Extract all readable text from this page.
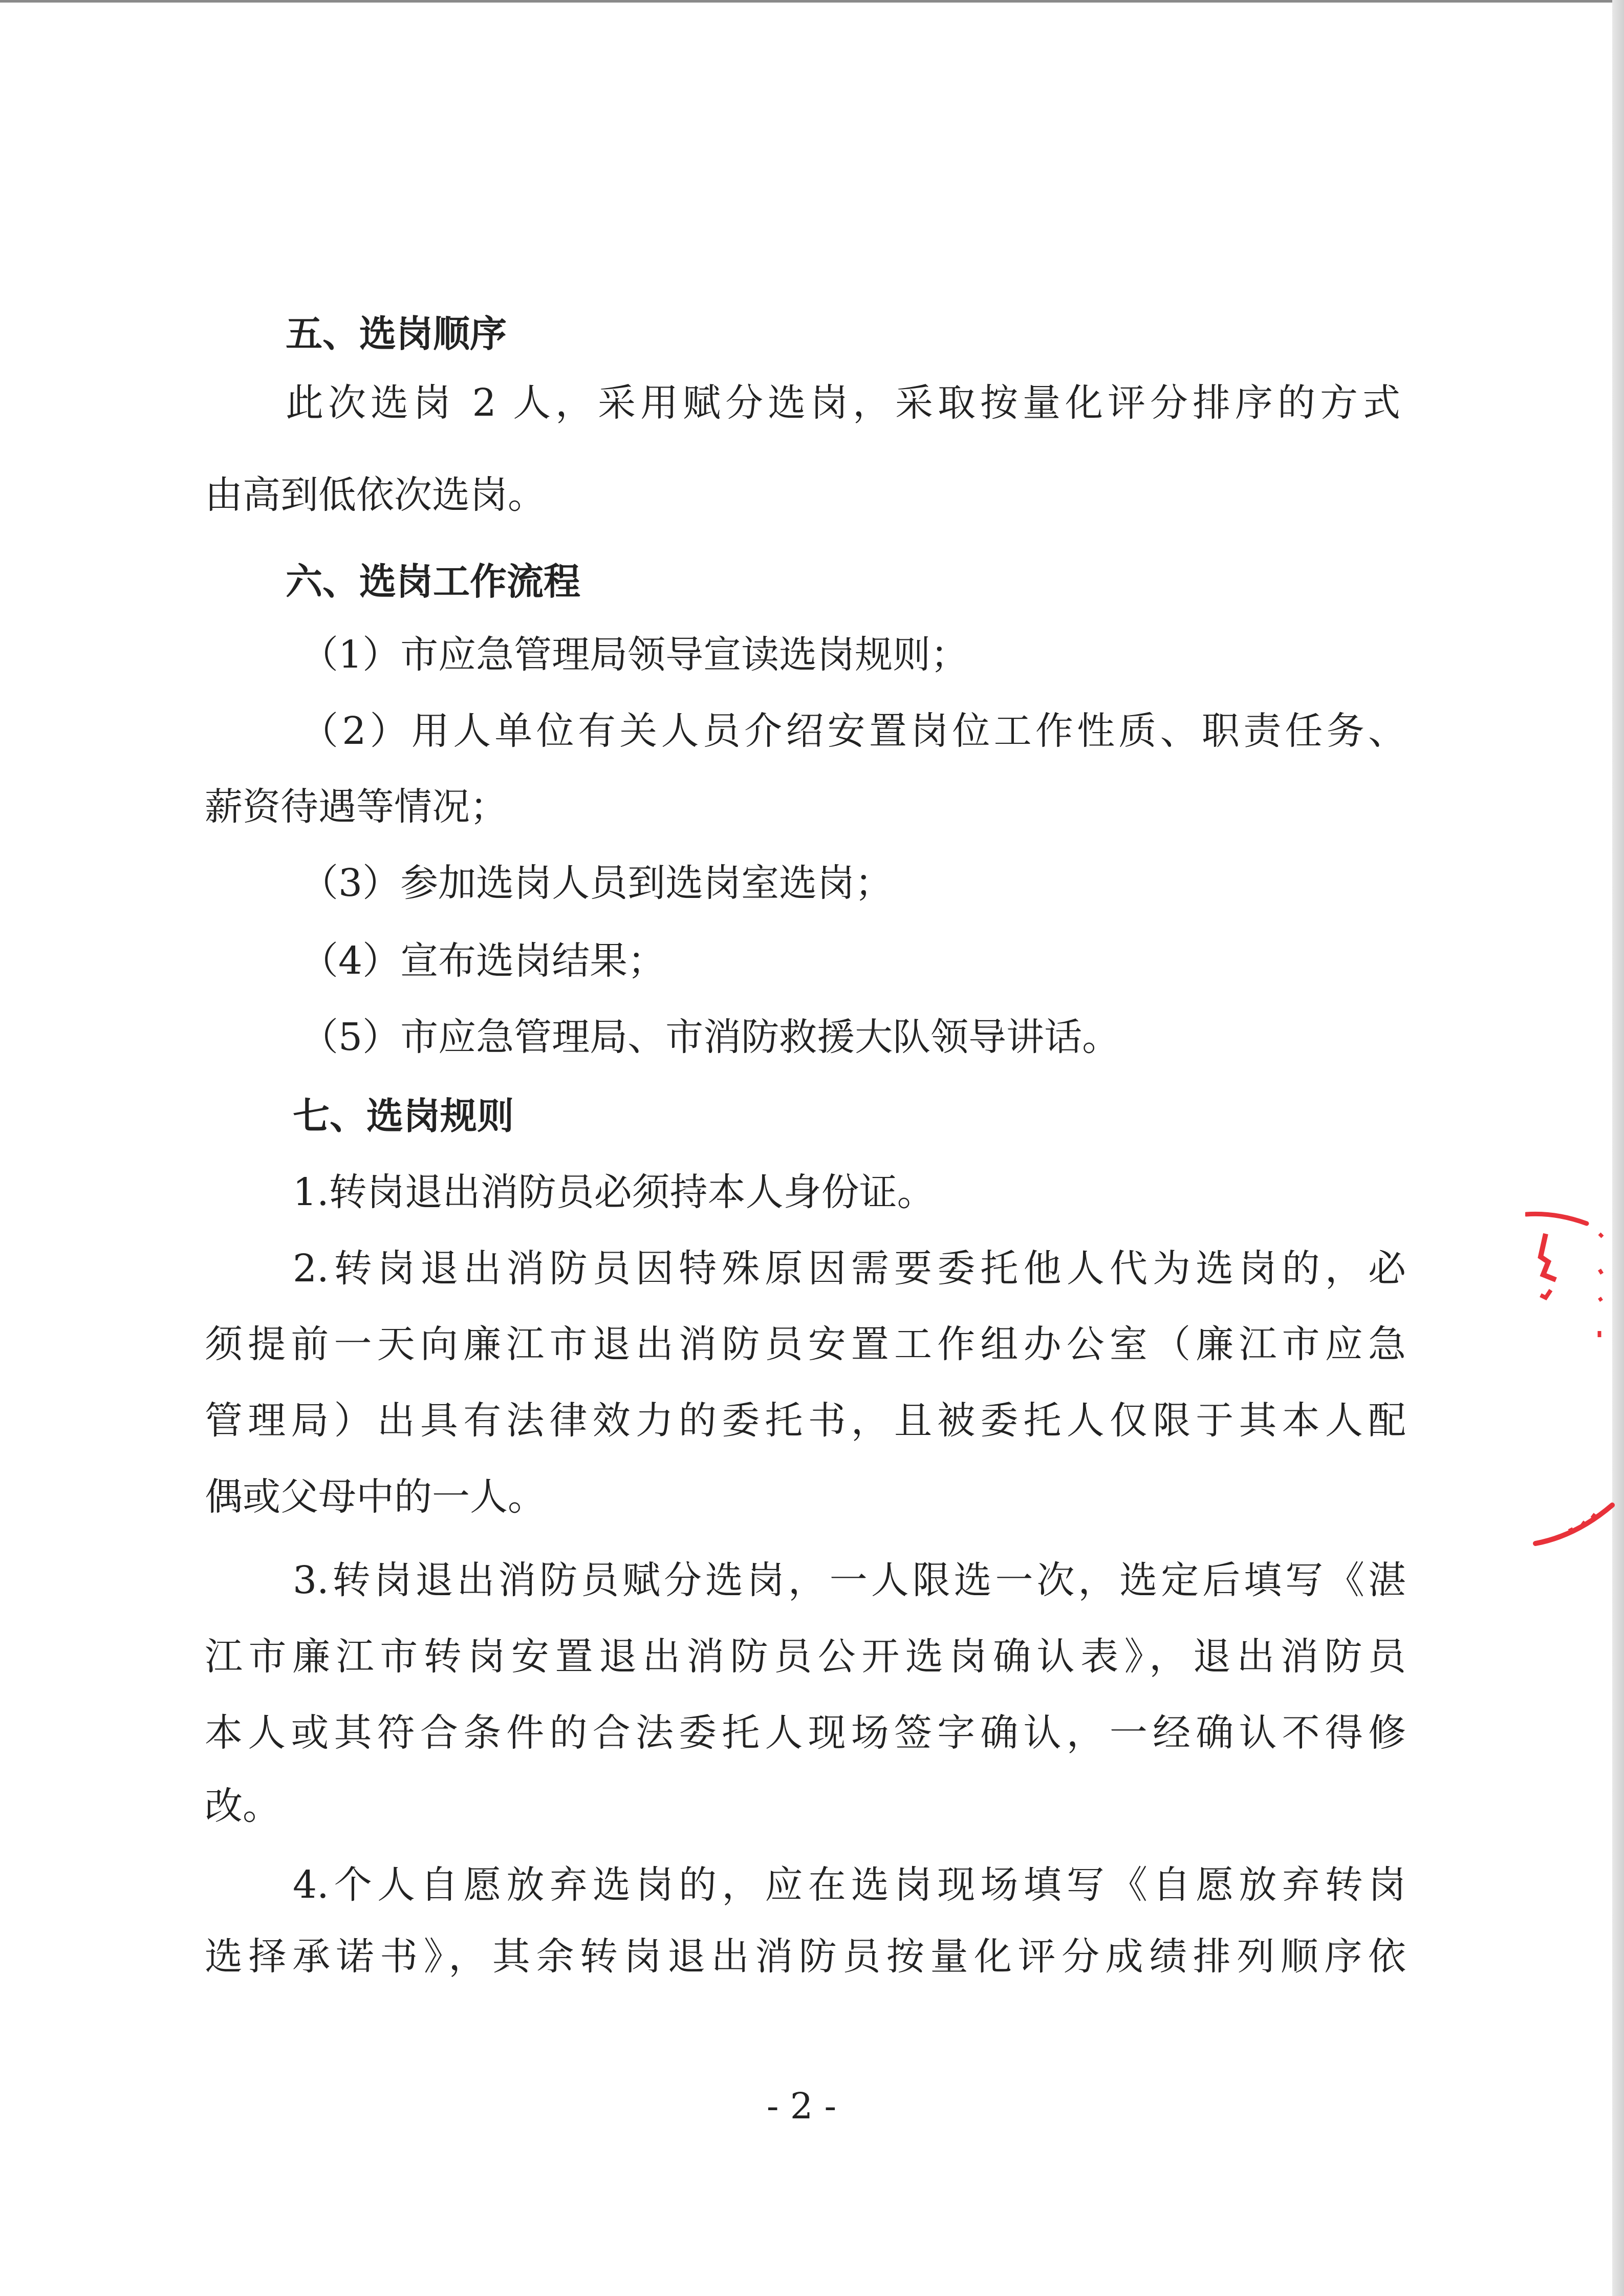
五、选岗顺序
此次选岗 2 人，采用赋分选岗，采取按量化评分排序的方式
由高到低依次选岗。
六、选岗工作流程
（1）市应急管理局领导宣读选岗规则；
（2）用人单位有关人员介绍安置岗位工作性质、职责任务、
薪资待遇等情况；
（3）参加选岗人员到选岗室选岗；
（4）宣布选岗结果；
（5）市应急管理局、市消防救援大队领导讲话。
七、选岗规则
1.转岗退出消防员必须持本人身份证。
2.转岗退出消防员因特殊原因需要委托他人代为选岗的，必
须提前一天向廉江市退出消防员安置工作组办公室（廉江市应急
管理局）出具有法律效力的委托书，且被委托人仅限于其本人配
偶或父母中的一人。
3.转岗退出消防员赋分选岗，一人限选一次，选定后填写《湛
江市廉江市转岗安置退出消防员公开选岗确认表》，退出消防员
本人或其符合条件的合法委托人现场签字确认，一经确认不得修
改。
4.个人自愿放弃选岗的，应在选岗现场填写《自愿放弃转岗
选择承诺书》，其余转岗退出消防员按量化评分成绩排列顺序依
- 2 -
